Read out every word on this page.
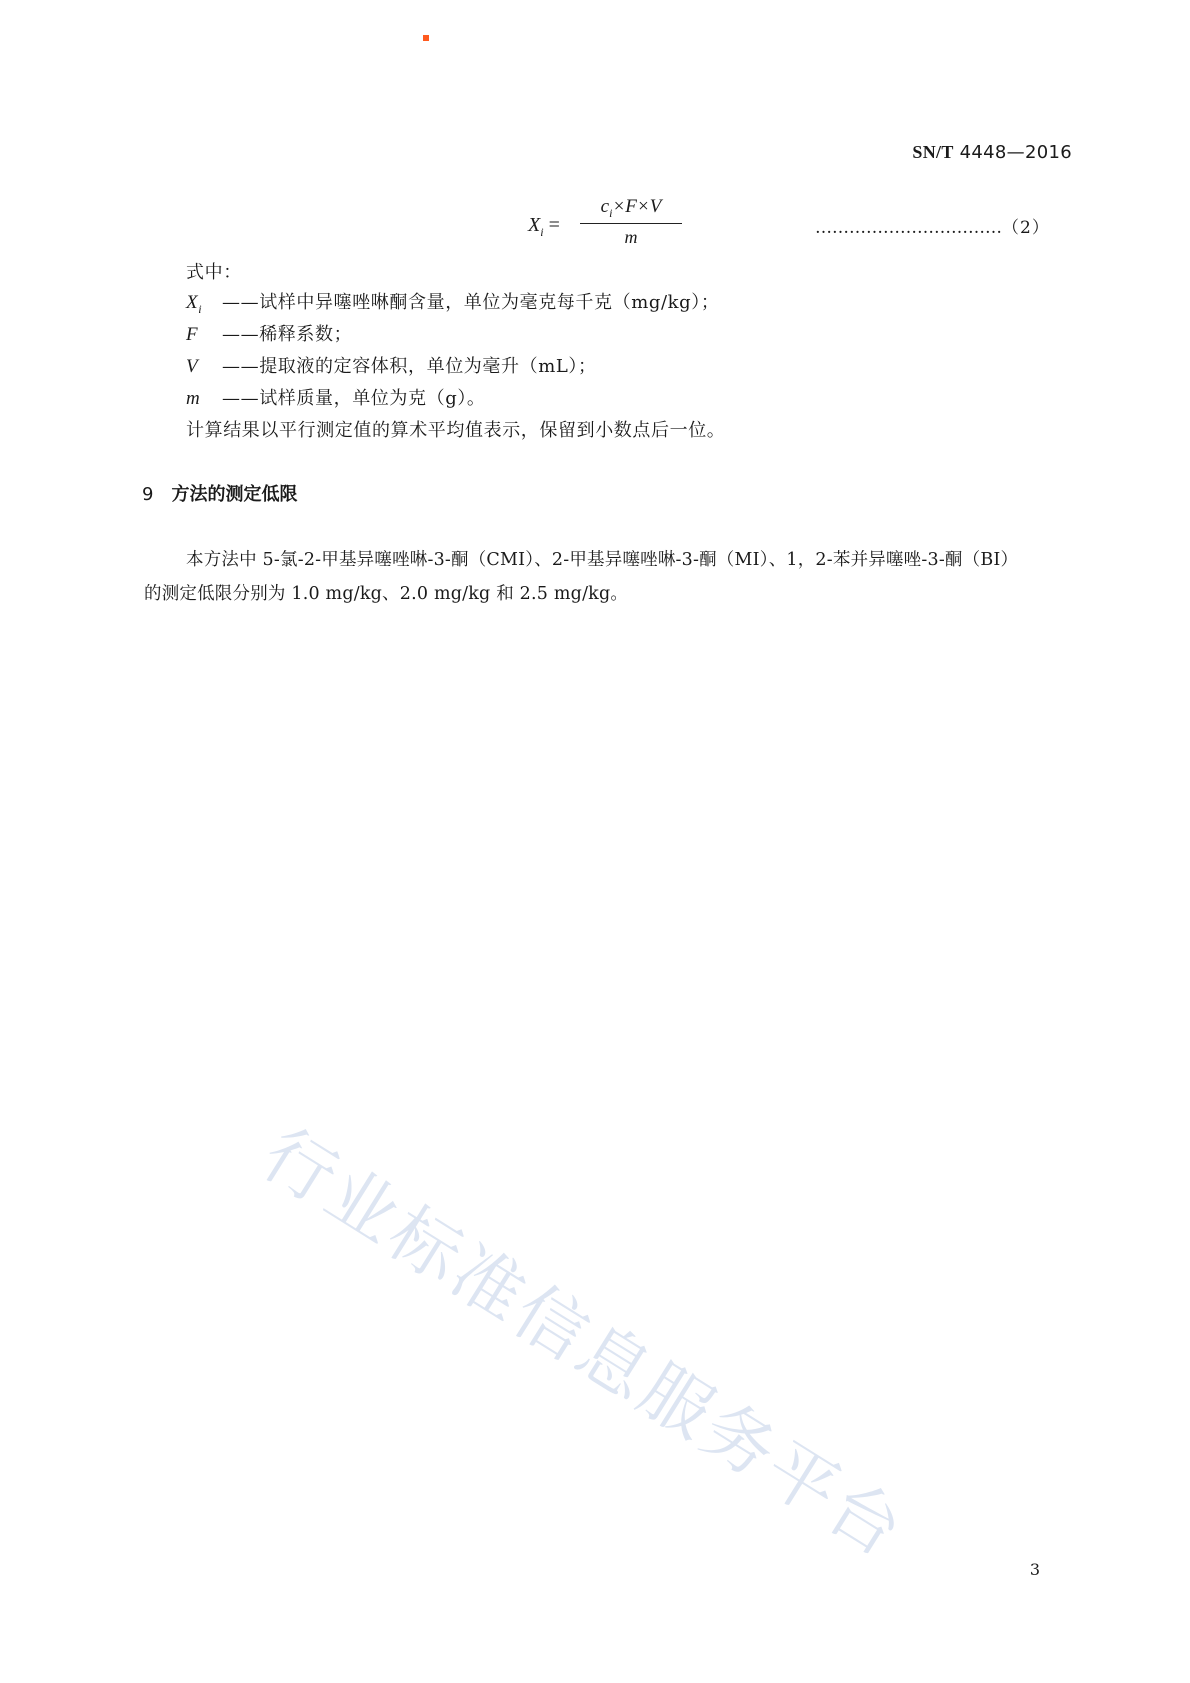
SN/T 4448—2016
$X_i = \frac{c_i\times F\times V}{m}$	……………………………（2）
式中：
$X_i$ ——试样中异噻唑啉酮含量，单位为毫克每千克（mg/kg）；
F ——稀释系数；
V ——提取液的定容体积，单位为毫升（mL）；
m ——试样质量，单位为克（g）。
计算结果以平行测定值的算术平均值表示，保留到小数点后一位。
9 方法的测定低限
本方法中 5-氯-2-甲基异噻唑啉-3-酮（CMI）、2-甲基异噻唑啉-3-酮（MI）、1，2-苯并异噻唑-3-酮（BI）
的测定低限分别为 1.0 mg/kg、2.0 mg/kg 和 2.5 mg/kg。
行业标准信息服务平台	3
